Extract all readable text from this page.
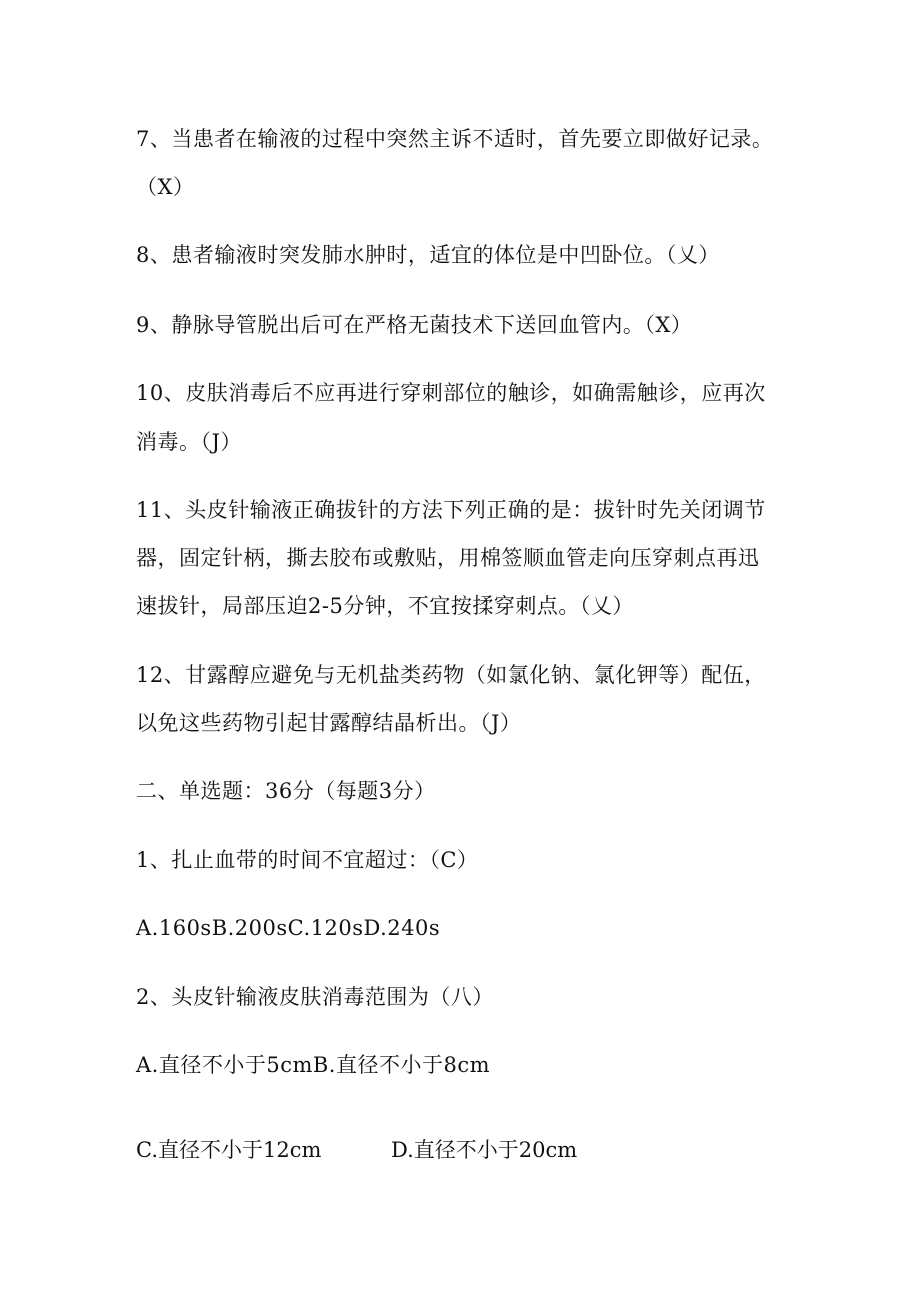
7、当患者在输液的过程中突然主诉不适时，首先要立即做好记录。
（X）
8、患者输液时突发肺水肿时，适宜的体位是中凹卧位。（乂）
9、静脉导管脱出后可在严格无菌技术下送回血管内。（X）
10、皮肤消毒后不应再进行穿刺部位的触诊，如确需触诊，应再次
消毒。（J）
11、头皮针输液正确拔针的方法下列正确的是：拔针时先关闭调节
器，固定针柄，撕去胶布或敷贴，用棉签顺血管走向压穿刺点再迅
速拔针，局部压迫2-5分钟，不宜按揉穿刺点。（乂）
12、甘露醇应避免与无机盐类药物（如氯化钠、氯化钾等）配伍，
以免这些药物引起甘露醇结晶析出。（J）
二、单选题：36分（每题3分）
1、扎止血带的时间不宜超过：（C）
A.160sB.200sC.120sD.240s
2、头皮针输液皮肤消毒范围为（八）
A.直径不小于5cmB.直径不小于8cm
C.直径不小于12cm	D.直径不小于20cm
